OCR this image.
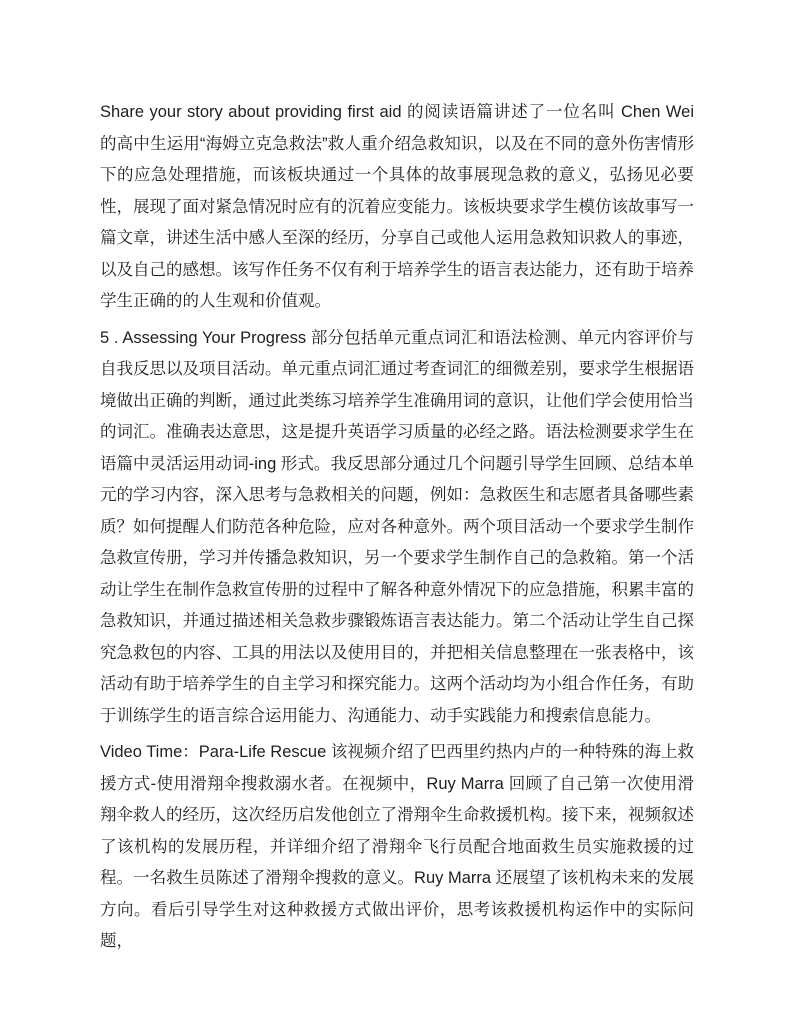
Share your story about providing first aid 的阅读语篇讲述了一位名叫 Chen Wei 的高中生运用“海姆立克急救法”救人重介绍急救知识，以及在不同的意外伤害情形下的应急处理措施，而该板块通过一个具体的故事展现急救的意义，弘扬见必要性，展现了面对紧急情况时应有的沉着应变能力。该板块要求学生模仿该故事写一篇文章，讲述生活中感人至深的经历，分享自己或他人运用急救知识救人的事迹，以及自己的感想。该写作任务不仅有利于培养学生的语言表达能力，还有助于培养学生正确的的人生观和价值观。

5 . Assessing Your Progress 部分包括单元重点词汇和语法检测、单元内容评价与自我反思以及项目活动。单元重点词汇通过考查词汇的细微差别，要求学生根据语境做出正确的判断，通过此类练习培养学生准确用词的意识，让他们学会使用恰当的词汇。准确表达意思，这是提升英语学习质量的必经之路。语法检测要求学生在语篇中灵活运用动词-ing 形式。我反思部分通过几个问题引导学生回顾、总结本单元的学习内容，深入思考与急救相关的问题，例如：急救医生和志愿者具备哪些素质？如何提醒人们防范各种危险，应对各种意外。两个项目活动一个要求学生制作急救宣传册，学习并传播急救知识，另一个要求学生制作自己的急救箱。第一个活动让学生在制作急救宣传册的过程中了解各种意外情况下的应急措施，积累丰富的急救知识，并通过描述相关急救步骤锻炼语言表达能力。第二个活动让学生自己探究急救包的内容、工具的用法以及使用目的，并把相关信息整理在一张表格中，该活动有助于培养学生的自主学习和探究能力。这两个活动均为小组合作任务，有助于训练学生的语言综合运用能力、沟通能力、动手实践能力和搜索信息能力。

Video Time：Para-Life Rescue 该视频介绍了巴西里约热内卢的一种特殊的海上救援方式-使用滑翔伞搜救溺水者。在视频中，Ruy Marra 回顾了自己第一次使用滑翔伞救人的经历，这次经历启发他创立了滑翔伞生命救援机构。接下来，视频叙述了该机构的发展历程，并详细介绍了滑翔伞飞行员配合地面救生员实施救援的过程。一名救生员陈述了滑翔伞搜救的意义。Ruy Marra 还展望了该机构未来的发展方向。看后引导学生对这种救援方式做出评价，思考该救援机构运作中的实际问题，
